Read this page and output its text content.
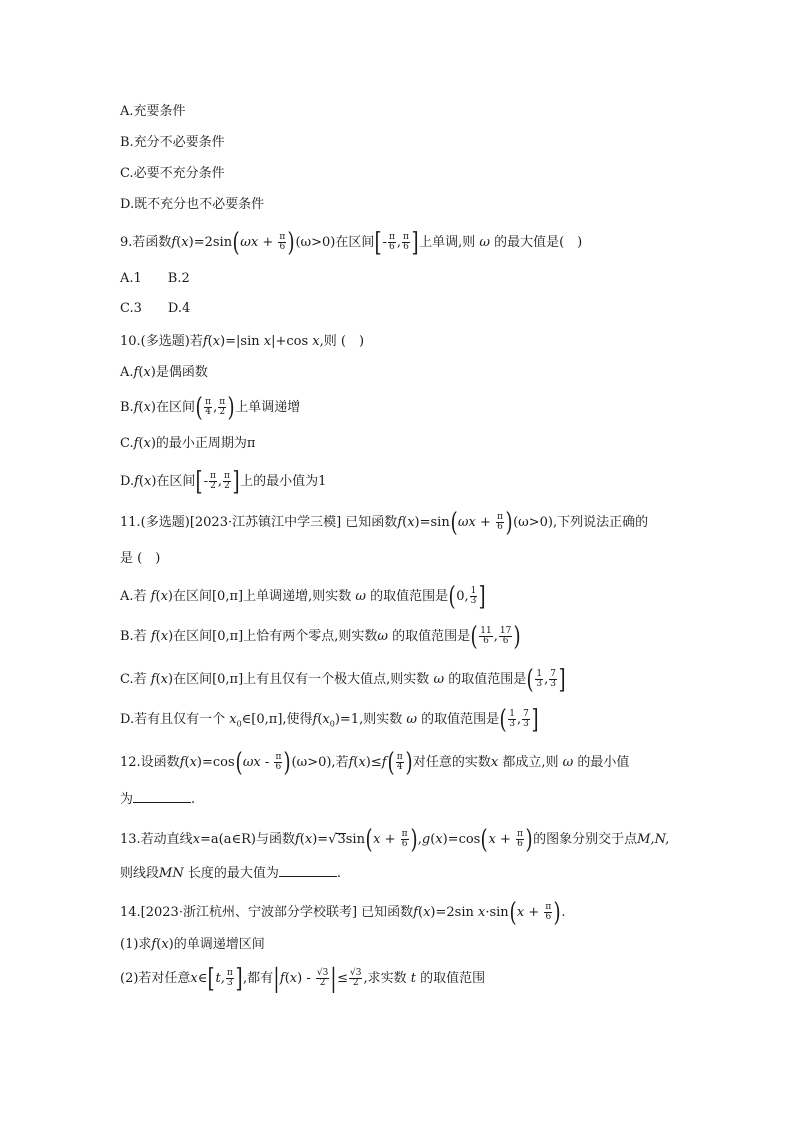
A.充要条件
B.充分不必要条件
C.必要不充分条件
D.既不充分也不必要条件
9.若函数$f(x)=2\sin(\omega x + \frac{\pi}{6} )(\omega>0)$在区间[- $\frac{\pi}{6}$ , $\frac{\pi}{6}$ ]上单调,则 ω 的最大值是(　)
A.1 B.2
C.3 D.4
10.(多选题)若f(x)=|sin x|+cos x,则 (　)
A.f(x)是偶函数
B.f(x)在区间( $\frac{\pi}{4}$ , $\frac{\pi}{2}$ )上单调递增
C.f(x)的最小正周期为π
D.f(x)在区间[- $\frac{\pi}{2}$ , $\frac{\pi}{2}$ ]上的最小值为1
11.(多选题)[2023·江苏镇江中学三模] 已知函数$f(x)=\sin(\omega x + \frac{\pi}{6} )(\omega>0)$,下列说法正确的
是 (　)
A.若 f(x)在区间[0,π]上单调递增,则实数 ω 的取值范围是(0, $\frac{1}{3}$ ]
B.若 f(x)在区间[0,π]上恰有两个零点,则实数ω 的取值范围是( $\frac{11}{6}$ , $\frac{17}{6}$ )
C.若 f(x)在区间[0,π]上有且仅有一个极大值点,则实数 ω 的取值范围是( $\frac{1}{3}$ , $\frac{7}{3}$ ]
D.若有且仅有一个 $x_0\in[0,\pi]$,使得$f(x_0)=1$,则实数 ω 的取值范围是( $\frac{1}{3}$ , $\frac{7}{3}$ ]
12.设函数$f(x)=\cos(\omega x - \frac{\pi}{6} )(\omega>0)$,若$f(x)\le f( \frac{\pi}{4}$ )对任意的实数x 都成立,则 ω 的最小值
为	.
13.若动直线x=a(a∈R)与函数$f(x)=√3\sin(x + \frac{\pi}{6} ),g(x)=\cos(x + \frac{\pi}{6}$ )的图象分别交于点M,N,
则线段MN 长度的最大值为	.
14.[2023·浙江杭州、宁波部分学校联考] 已知函数f(x)=2sin $x\cdot\sin(x + \frac{\pi}{6}$ ).
(1)求f(x)的单调递增区间
(2)若对任意x∈[t, $\frac{\pi}{3}$ ],都有$|f(x) - \frac{√3}{2}$ |≤ $\frac{√3}{2}$ ,求实数 t 的取值范围
